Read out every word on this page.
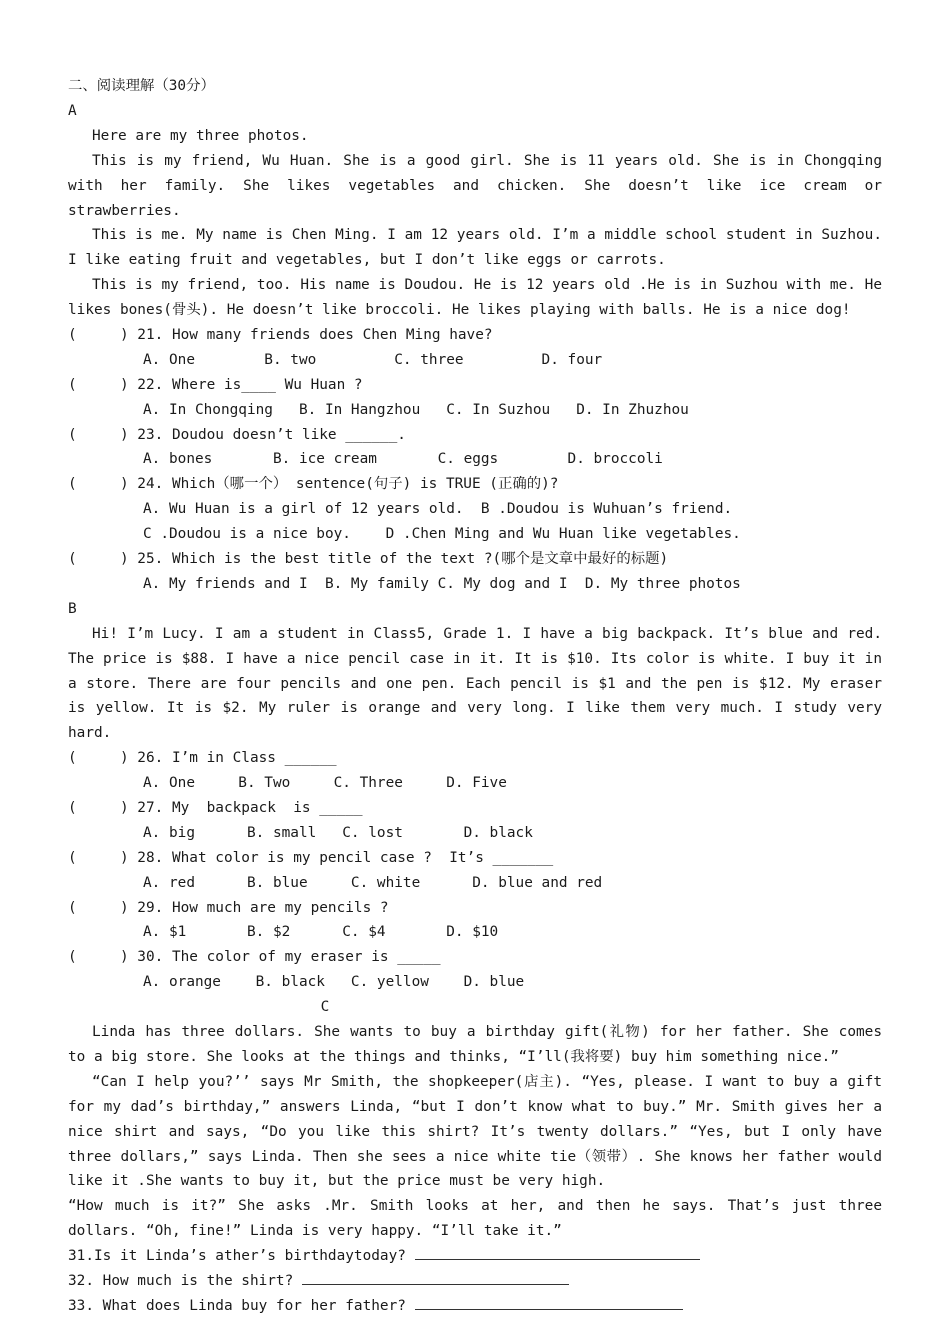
二、阅读理解（30分）
A
Here are my three photos.
This is my friend, Wu Huan. She is a good girl. She is 11 years old. She is in Chongqing with her family. She likes vegetables and chicken. She doesn’t like ice cream or strawberries.
This is me. My name is Chen Ming. I am 12 years old. I’m a middle school student in Suzhou. I like eating fruit and vegetables, but I don’t like eggs or carrots.
This is my friend, too. His name is Doudou. He is 12 years old .He is in Suzhou with me. He likes bones(骨头). He doesn’t like broccoli. He likes playing with balls. He is a nice dog!
(     ) 21. How many friends does Chen Ming have?
A. One        B. two         C. three         D. four
(     ) 22. Where is____ Wu Huan ?
A. In Chongqing   B. In Hangzhou   C. In Suzhou   D. In Zhuzhou
(     ) 23. Doudou doesn’t like ______.
A. bones       B. ice cream       C. eggs        D. broccoli
(     ) 24. Which（哪一个） sentence(句子) is TRUE (正确的)?
A. Wu Huan is a girl of 12 years old.  B .Doudou is Wuhuan’s friend.
C .Doudou is a nice boy.    D .Chen Ming and Wu Huan like vegetables.
(     ) 25. Which is the best title of the text ?(哪个是文章中最好的标题)
A. My friends and I  B. My family C. My dog and I  D. My three photos
B
Hi! I’m Lucy. I am a student in Class5, Grade 1. I have a big backpack. It’s blue and red. The price is $88. I have a nice pencil case in it. It is $10. Its color is white. I buy it in a store. There are four pencils and one pen. Each pencil is $1 and the pen is $12. My eraser is yellow. It is $2. My ruler is orange and very long. I like them very much. I study very hard.
(     ) 26. I’m in Class ______
A. One     B. Two     C. Three     D. Five
(     ) 27. My  backpack  is _____
A. big      B. small   C. lost       D. black
(     ) 28. What color is my pencil case ?  It’s _______
A. red      B. blue     C. white      D. blue and red
(     ) 29. How much are my pencils ?
A. $1       B. $2      C. $4       D. $10
(     ) 30. The color of my eraser is _____
A. orange    B. black   C. yellow    D. blue
C
Linda has three dollars. She wants to buy a birthday gift(礼物) for her father. She comes to a big store. She looks at the things and thinks, “I’ll(我将要) buy him something nice.”
“Can I help you?’’ says Mr Smith, the shopkeeper(店主). “Yes, please. I want to buy a gift for my dad’s birthday,” answers Linda, “but I don’t know what to buy.” Mr. Smith gives her a nice shirt and says, “Do you like this shirt? It’s twenty dollars.” “Yes, but I only have three dollars,” says Linda. Then she sees a nice white tie（领带）. She knows her father would like it .She wants to buy it, but the price must be very high.
“How much is it?” She asks .Mr. Smith looks at her, and then he says. That’s just three dollars. “Oh, fine!” Linda is very happy. “I’ll take it.”
31.Is it Linda’s ather’s birthdaytoday?
32. How much is the shirt?
33. What does Linda buy for her father?
